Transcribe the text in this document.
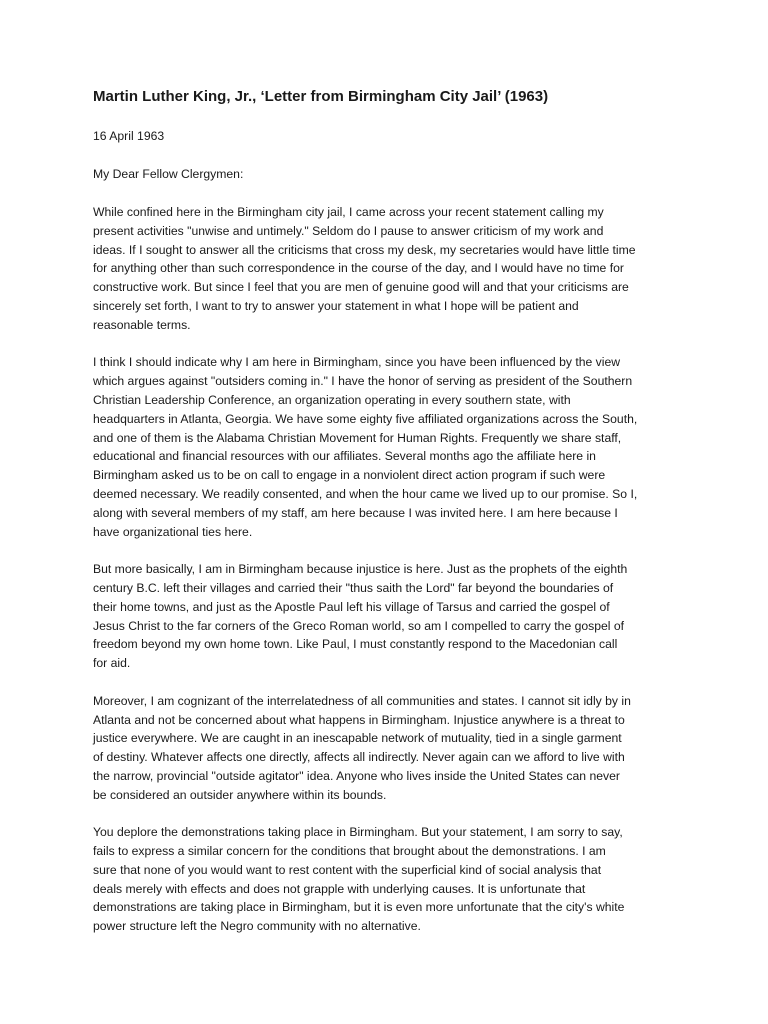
Martin Luther King, Jr., ‘Letter from Birmingham City Jail’ (1963)
16 April 1963
My Dear Fellow Clergymen:
While confined here in the Birmingham city jail, I came across your recent statement calling my
present activities "unwise and untimely." Seldom do I pause to answer criticism of my work and
ideas. If I sought to answer all the criticisms that cross my desk, my secretaries would have little time
for anything other than such correspondence in the course of the day, and I would have no time for
constructive work. But since I feel that you are men of genuine good will and that your criticisms are
sincerely set forth, I want to try to answer your statement in what I hope will be patient and
reasonable terms.
I think I should indicate why I am here in Birmingham, since you have been influenced by the view
which argues against "outsiders coming in." I have the honor of serving as president of the Southern
Christian Leadership Conference, an organization operating in every southern state, with
headquarters in Atlanta, Georgia. We have some eighty five affiliated organizations across the South,
and one of them is the Alabama Christian Movement for Human Rights. Frequently we share staff,
educational and financial resources with our affiliates. Several months ago the affiliate here in
Birmingham asked us to be on call to engage in a nonviolent direct action program if such were
deemed necessary. We readily consented, and when the hour came we lived up to our promise. So I,
along with several members of my staff, am here because I was invited here. I am here because I
have organizational ties here.
But more basically, I am in Birmingham because injustice is here. Just as the prophets of the eighth
century B.C. left their villages and carried their "thus saith the Lord" far beyond the boundaries of
their home towns, and just as the Apostle Paul left his village of Tarsus and carried the gospel of
Jesus Christ to the far corners of the Greco Roman world, so am I compelled to carry the gospel of
freedom beyond my own home town. Like Paul, I must constantly respond to the Macedonian call
for aid.
Moreover, I am cognizant of the interrelatedness of all communities and states. I cannot sit idly by in
Atlanta and not be concerned about what happens in Birmingham. Injustice anywhere is a threat to
justice everywhere. We are caught in an inescapable network of mutuality, tied in a single garment
of destiny. Whatever affects one directly, affects all indirectly. Never again can we afford to live with
the narrow, provincial "outside agitator" idea. Anyone who lives inside the United States can never
be considered an outsider anywhere within its bounds.
You deplore the demonstrations taking place in Birmingham. But your statement, I am sorry to say,
fails to express a similar concern for the conditions that brought about the demonstrations. I am
sure that none of you would want to rest content with the superficial kind of social analysis that
deals merely with effects and does not grapple with underlying causes. It is unfortunate that
demonstrations are taking place in Birmingham, but it is even more unfortunate that the city's white
power structure left the Negro community with no alternative.
